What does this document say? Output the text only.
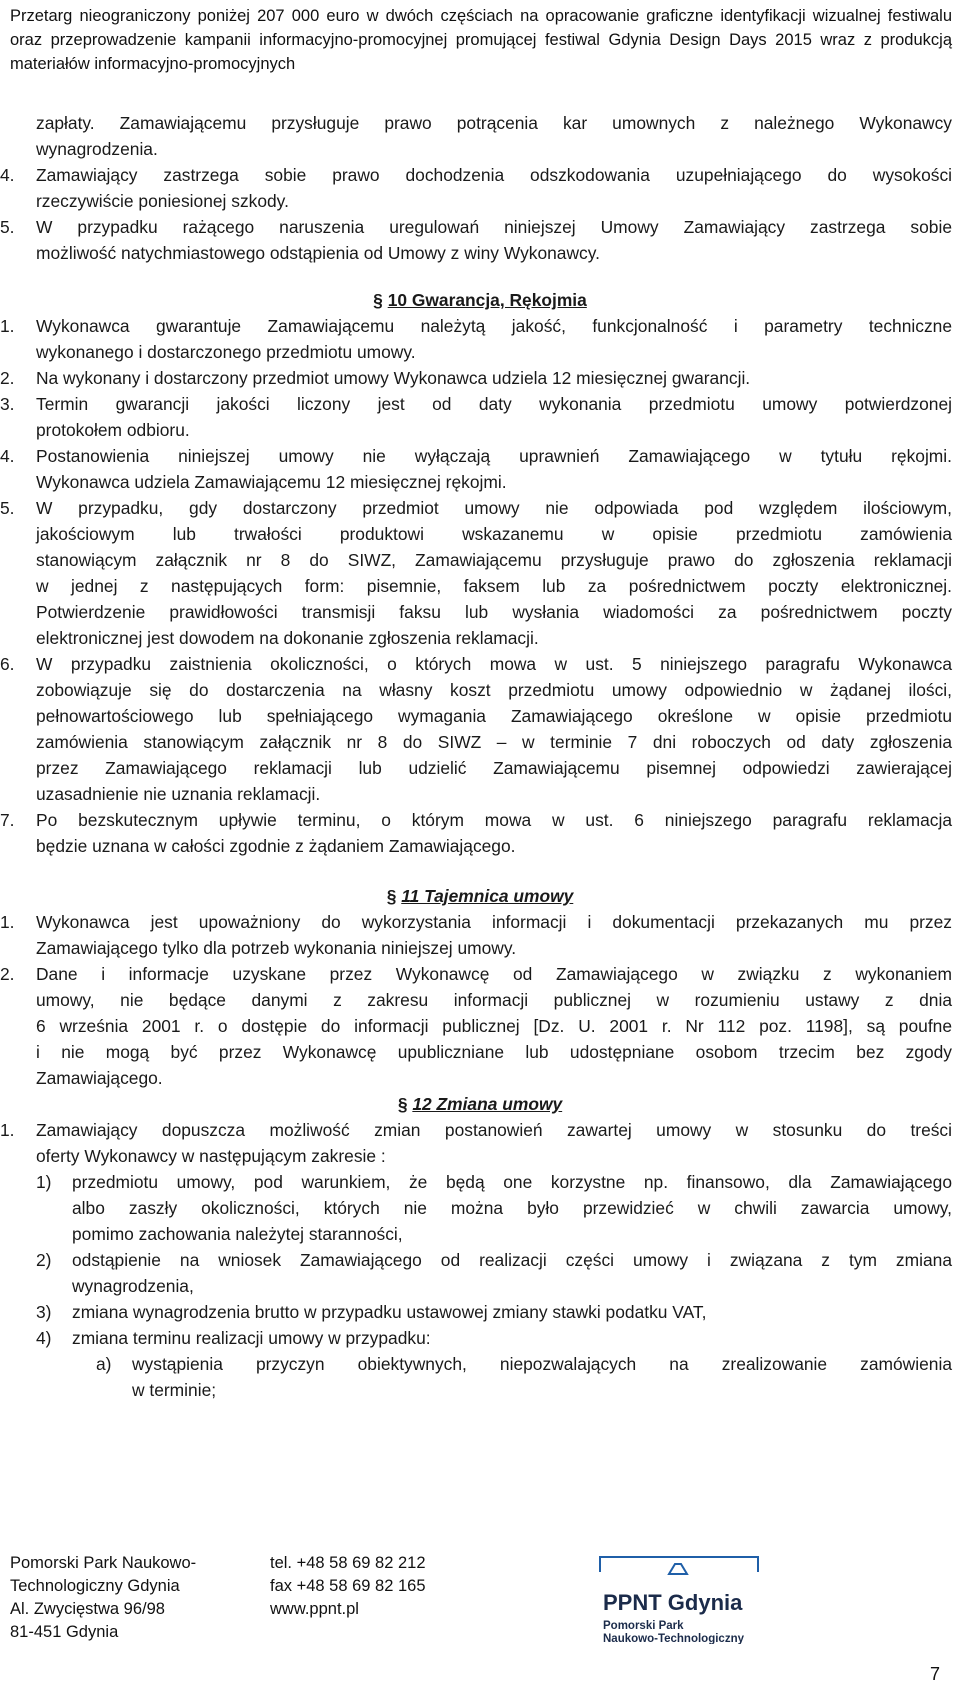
Przetarg nieograniczony poniżej 207 000 euro w dwóch częściach na opracowanie graficzne identyfikacji wizualnej festiwalu
oraz przeprowadzenie kampanii informacyjno-promocyjnej promującej festiwal Gdynia Design Days 2015 wraz z produkcją
materiałów informacyjno-promocyjnych
zapłaty. Zamawiającemu przysługuje prawo potrącenia kar umownych z należnego Wykonawcy
wynagrodzenia.
4. Zamawiający zastrzega sobie prawo dochodzenia odszkodowania uzupełniającego do wysokości
rzeczywiście poniesionej szkody.
5. W przypadku rażącego naruszenia uregulowań niniejszej Umowy Zamawiający zastrzega sobie
możliwość natychmiastowego odstąpienia od Umowy z winy Wykonawcy.
§ 10 Gwarancja, Rękojmia
1. Wykonawca gwarantuje Zamawiającemu należytą jakość, funkcjonalność i parametry techniczne
wykonanego i dostarczonego przedmiotu umowy.
2. Na wykonany i dostarczony przedmiot umowy Wykonawca udziela 12 miesięcznej gwarancji.
3. Termin gwarancji jakości liczony jest od daty wykonania przedmiotu umowy potwierdzonej
protokołem odbioru.
4. Postanowienia niniejszej umowy nie wyłączają uprawnień Zamawiającego w tytułu rękojmi.
Wykonawca udziela Zamawiającemu 12 miesięcznej rękojmi.
5. W przypadku, gdy dostarczony przedmiot umowy nie odpowiada pod względem ilościowym,
jakościowym lub trwałości produktowi wskazanemu w opisie przedmiotu zamówienia
stanowiącym załącznik nr 8 do SIWZ, Zamawiającemu przysługuje prawo do zgłoszenia reklamacji
w jednej z następujących form: pisemnie, faksem lub za pośrednictwem poczty elektronicznej.
Potwierdzenie prawidłowości transmisji faksu lub wysłania wiadomości za pośrednictwem poczty
elektronicznej jest dowodem na dokonanie zgłoszenia reklamacji.
6. W przypadku zaistnienia okoliczności, o których mowa w ust. 5 niniejszego paragrafu Wykonawca
zobowiązuje się do dostarczenia na własny koszt przedmiotu umowy odpowiednio w żądanej ilości,
pełnowartościowego lub spełniającego wymagania Zamawiającego określone w opisie przedmiotu
zamówienia stanowiącym załącznik nr 8 do SIWZ – w terminie 7 dni roboczych od daty zgłoszenia
przez Zamawiającego reklamacji lub udzielić Zamawiającemu pisemnej odpowiedzi zawierającej
uzasadnienie nie uznania reklamacji.
7. Po bezskutecznym upływie terminu, o którym mowa w ust. 6 niniejszego paragrafu reklamacja
będzie uznana w całości zgodnie z żądaniem Zamawiającego.
§ 11 Tajemnica umowy
1. Wykonawca jest upoważniony do wykorzystania informacji i dokumentacji przekazanych mu przez
Zamawiającego tylko dla potrzeb wykonania niniejszej umowy.
2. Dane i informacje uzyskane przez Wykonawcę od Zamawiającego w związku z wykonaniem
umowy, nie będące danymi z zakresu informacji publicznej w rozumieniu ustawy z dnia
6 września 2001 r. o dostępie do informacji publicznej [Dz. U. 2001 r. Nr 112 poz. 1198], są poufne
i nie mogą być przez Wykonawcę upubliczniane lub udostępniane osobom trzecim bez zgody
Zamawiającego.
§ 12 Zmiana umowy
1. Zamawiający dopuszcza możliwość zmian postanowień zawartej umowy w stosunku do treści
oferty Wykonawcy w następującym zakresie :
1) przedmiotu umowy, pod warunkiem, że będą one korzystne np. finansowo, dla Zamawiającego
albo zaszły okoliczności, których nie można było przewidzieć w chwili zawarcia umowy,
pomimo zachowania należytej staranności,
2) odstąpienie na wniosek Zamawiającego od realizacji części umowy i związana z tym zmiana
wynagrodzenia,
3) zmiana wynagrodzenia brutto w przypadku ustawowej zmiany stawki podatku VAT,
4) zmiana terminu realizacji umowy w przypadku:
a) wystąpienia przyczyn obiektywnych, niepozwalających na zrealizowanie zamówienia
w terminie;
Pomorski Park Naukowo-
Technologiczny Gdynia
Al. Zwycięstwa 96/98
81-451 Gdynia
tel. +48 58 69 82 212
fax +48 58 69 82 165
www.ppnt.pl	PPNT Gdynia
Pomorski Park
Naukowo-Technologiczny
7
